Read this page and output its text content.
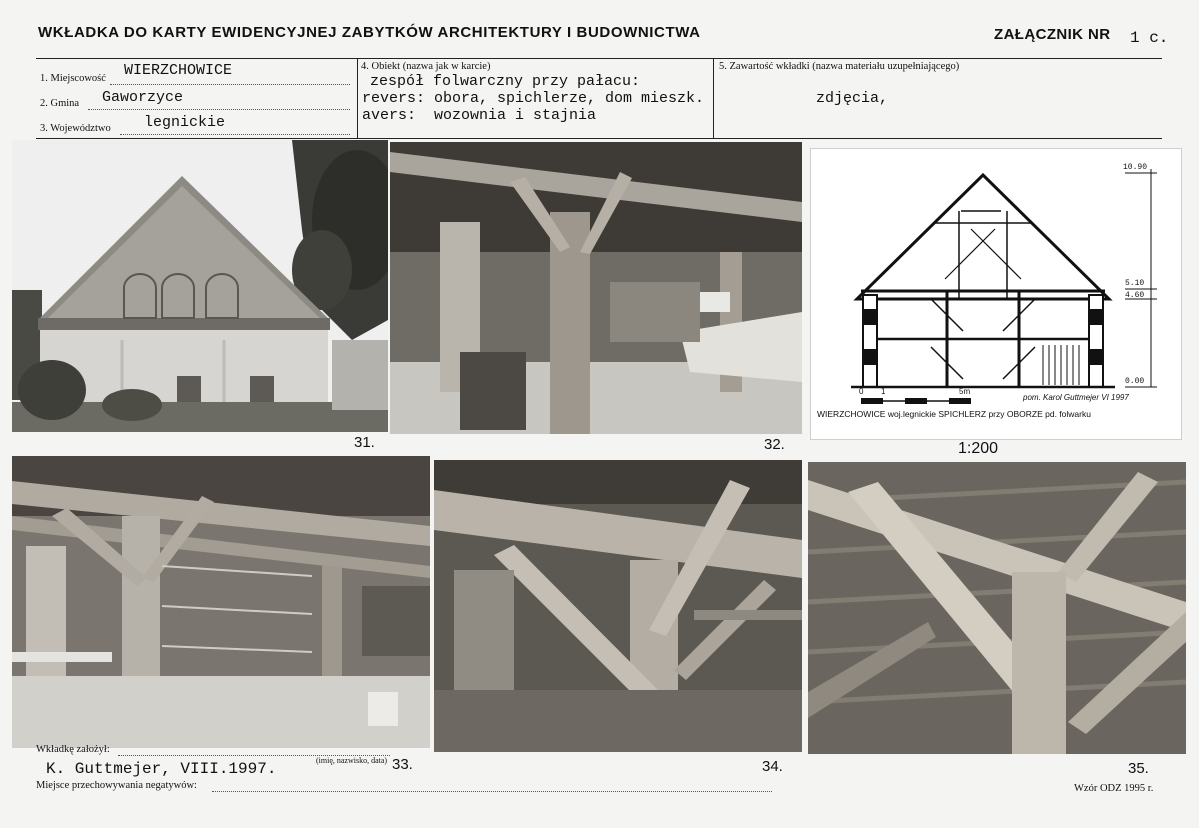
WKŁADKA DO KARTY EWIDENCYJNEJ ZABYTKÓW ARCHITEKTURY I BUDOWNICTWA	ZAŁĄCZNIK NR 1 c.
1. Miejscowość WIERZCHOWICE
2. Gmina Gaworzyce
3. Województwo legnickie
4. Obiekt (nazwa jak w karcie)
zespół folwarczny przy pałacu:
revers: obora, spichlerze, dom mieszk.
avers:  wozownia i stajnia
5. Zawartość wkładki (nazwa materiału uzupełniającego)
zdjęcia,
31.	32.
10.90
5.10
4.60
0.00
0 1	5m
pom. Karol Guttmejer VI 1997
WIERZCHOWICE woj.legnickie SPICHLERZ przy OBORZE pd. folwarku
1:200
33.	34.	35.
Wkładkę założył:
K. Guttmejer, VIII.1997.	(imię, nazwisko, data)
Miejsce przechowywania negatywów:	Wzór ODZ 1995 r.
